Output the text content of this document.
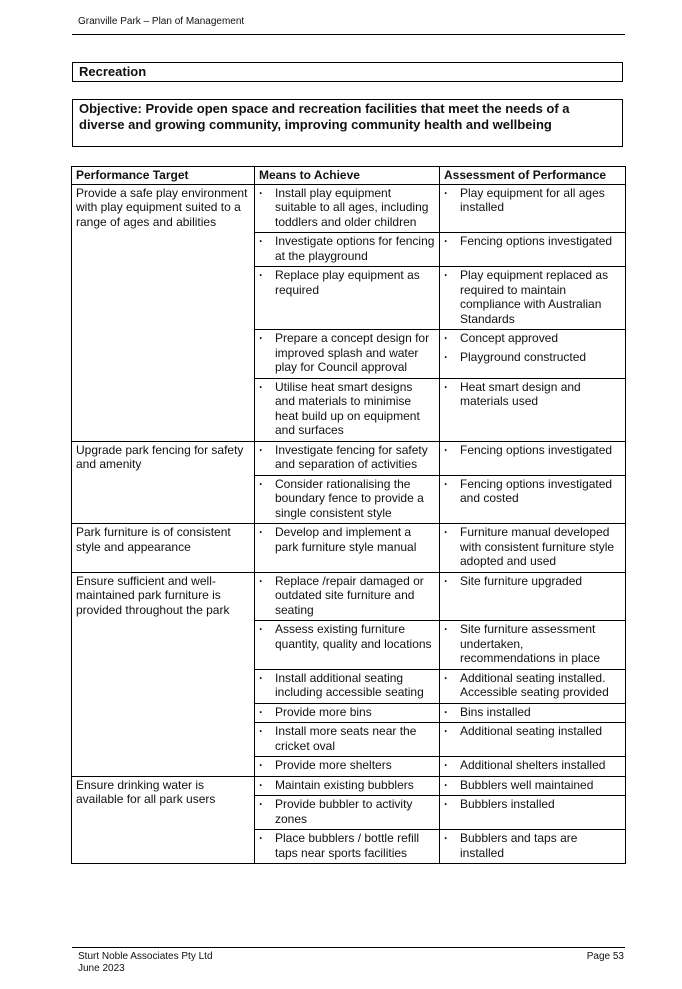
Granville Park – Plan of Management
Recreation
Objective: Provide open space and recreation facilities that meet the needs of a diverse and growing community, improving community health and wellbeing
Performance Target	Means to Achieve	Assessment of Performance
Provide a safe play environment with play equipment suited to a range of ages and abilities	· Install play equipment suitable to all ages, including toddlers and older children	· Play equipment for all ages installed

	· Investigate options for fencing at the playground	· Fencing options investigated

	· Replace play equipment as required	· Play equipment replaced as required to maintain compliance with Australian Standards

	· Prepare a concept design for improved splash and water play for Council approval	· Concept approved
· Playground constructed

	· Utilise heat smart designs and materials to minimise heat build up on equipment and surfaces	· Heat smart design and materials used

Upgrade park fencing for safety and amenity	· Investigate fencing for safety and separation of activities	· Fencing options investigated

	· Consider rationalising the boundary fence to provide a single consistent style	· Fencing options investigated and costed

Park furniture is of consistent style and appearance	· Develop and implement a park furniture style manual	· Furniture manual developed with consistent furniture style adopted and used

Ensure sufficient and well-maintained park furniture is provided throughout the park	· Replace /repair damaged or outdated site furniture and seating	· Site furniture upgraded

	· Assess existing furniture quantity, quality and locations	· Site furniture assessment undertaken, recommendations in place

	· Install additional seating including accessible seating	· Additional seating installed. Accessible seating provided

	· Provide more bins	· Bins installed

	· Install more seats near the cricket oval	· Additional seating installed

	· Provide more shelters	· Additional shelters installed

Ensure drinking water is available for all park users	· Maintain existing bubblers	· Bubblers well maintained

	· Provide bubbler to activity zones	· Bubblers installed

	· Place bubblers / bottle refill taps near sports facilities	· Bubblers and taps are installed
Sturt Noble Associates Pty Ltd
June 2023
Page 53
